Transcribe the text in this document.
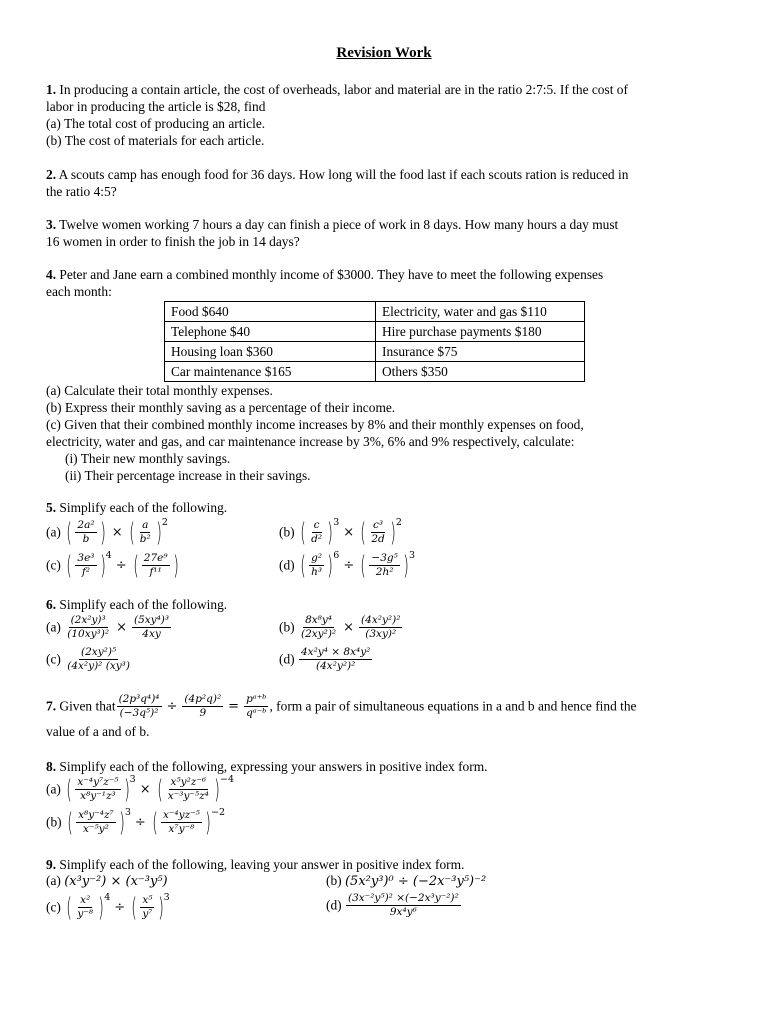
Revision Work
1. In producing a contain article, the cost of overheads, labor and material are in the ratio 2:7:5. If the cost of
labor in producing the article is $28, find
(a) The total cost of producing an article.
(b) The cost of materials for each article.
2. A scouts camp has enough food for 36 days. How long will the food last if each scouts ration is reduced in
the ratio 4:5?
3. Twelve women working 7 hours a day can finish a piece of work in 8 days. How many hours a day must
16 women in order to finish the job in 14 days?
4. Peter and Jane earn a combined monthly income of $3000. They have to meet the following expenses
each month:
Food $640	Electricity, water and gas $110
Telephone $40	Hire purchase payments $180
Housing loan $360	Insurance $75
Car maintenance $165	Others $350
(a) Calculate their total monthly expenses.
(b) Express their monthly saving as a percentage of their income.
(c) Given that their combined monthly income increases by 8% and their monthly expenses on food,
electricity, water and gas, and car maintenance increase by 3%, 6% and 9% respectively, calculate:
(i) Their new monthly savings.
(ii) Their percentage increase in their savings.
5. Simplify each of the following.
(a) ( 2a²
b ) × ( a
b² ) 2
(b) ( c
d² ) 3
× ( c³
2d ) 2
(c) ( 3e³
f² ) 4
÷ ( 27e⁹
f¹¹ )	(d) ( g²
h³ ) 6
÷ ( −3g⁵
2h² ) 3
6. Simplify each of the following.
$(a) \frac{\text{(2x²y)³}}{\text{(10xy³)²}} \times \frac{\text{(5xy⁴)³}}{4xy}$	$(b) \frac{\text{8x⁸y⁴}}{\text{(2xy²)²}} \times \frac{\text{(4x²y²)²}}{\text{(3xy)²}}$
(c) (2xy²)⁵
(4x²y)² (xy³)	(d) 4x²y⁴ × 8x⁴y²
(4x²y²)²
7. Given that $\frac{\text{(2p³q⁴)⁴}}{\text{(−3q⁵)²}} \div \frac{\text{(4p²q)²}}{9} = \frac{\text{pᵃ⁺ᵇ}}{\text{qᵃ⁻ᵇ}}$ , form a pair of simultaneous equations in a and b and hence find the
value of a and of b.
8. Simplify each of the following, expressing your answers in positive index form.
(a) ( x⁻⁴y⁷z⁻⁵
x⁸y⁻¹z³ ) 3
× ( x⁵y²z⁻⁶
x⁻³y⁻⁵z⁴ ) −4
(b) ( x⁸y⁻⁴z⁷
x⁻⁵y² ) 3
÷ ( x⁻⁴yz⁻⁵
x⁷y⁻⁸ ) −2
9. Simplify each of the following, leaving your answer in positive index form.
(a) (x³y⁻²) × (x⁻³y⁵)	(b) (5x²y³)⁰ ÷ (−2x⁻³y⁵)⁻²
(c) ( x²
y⁻⁸ ) 4
÷ ( x⁵
y⁷ ) 3	(d) (3x⁻²y⁵)² ×(−2x³y⁻²)²
9x⁴y⁶
